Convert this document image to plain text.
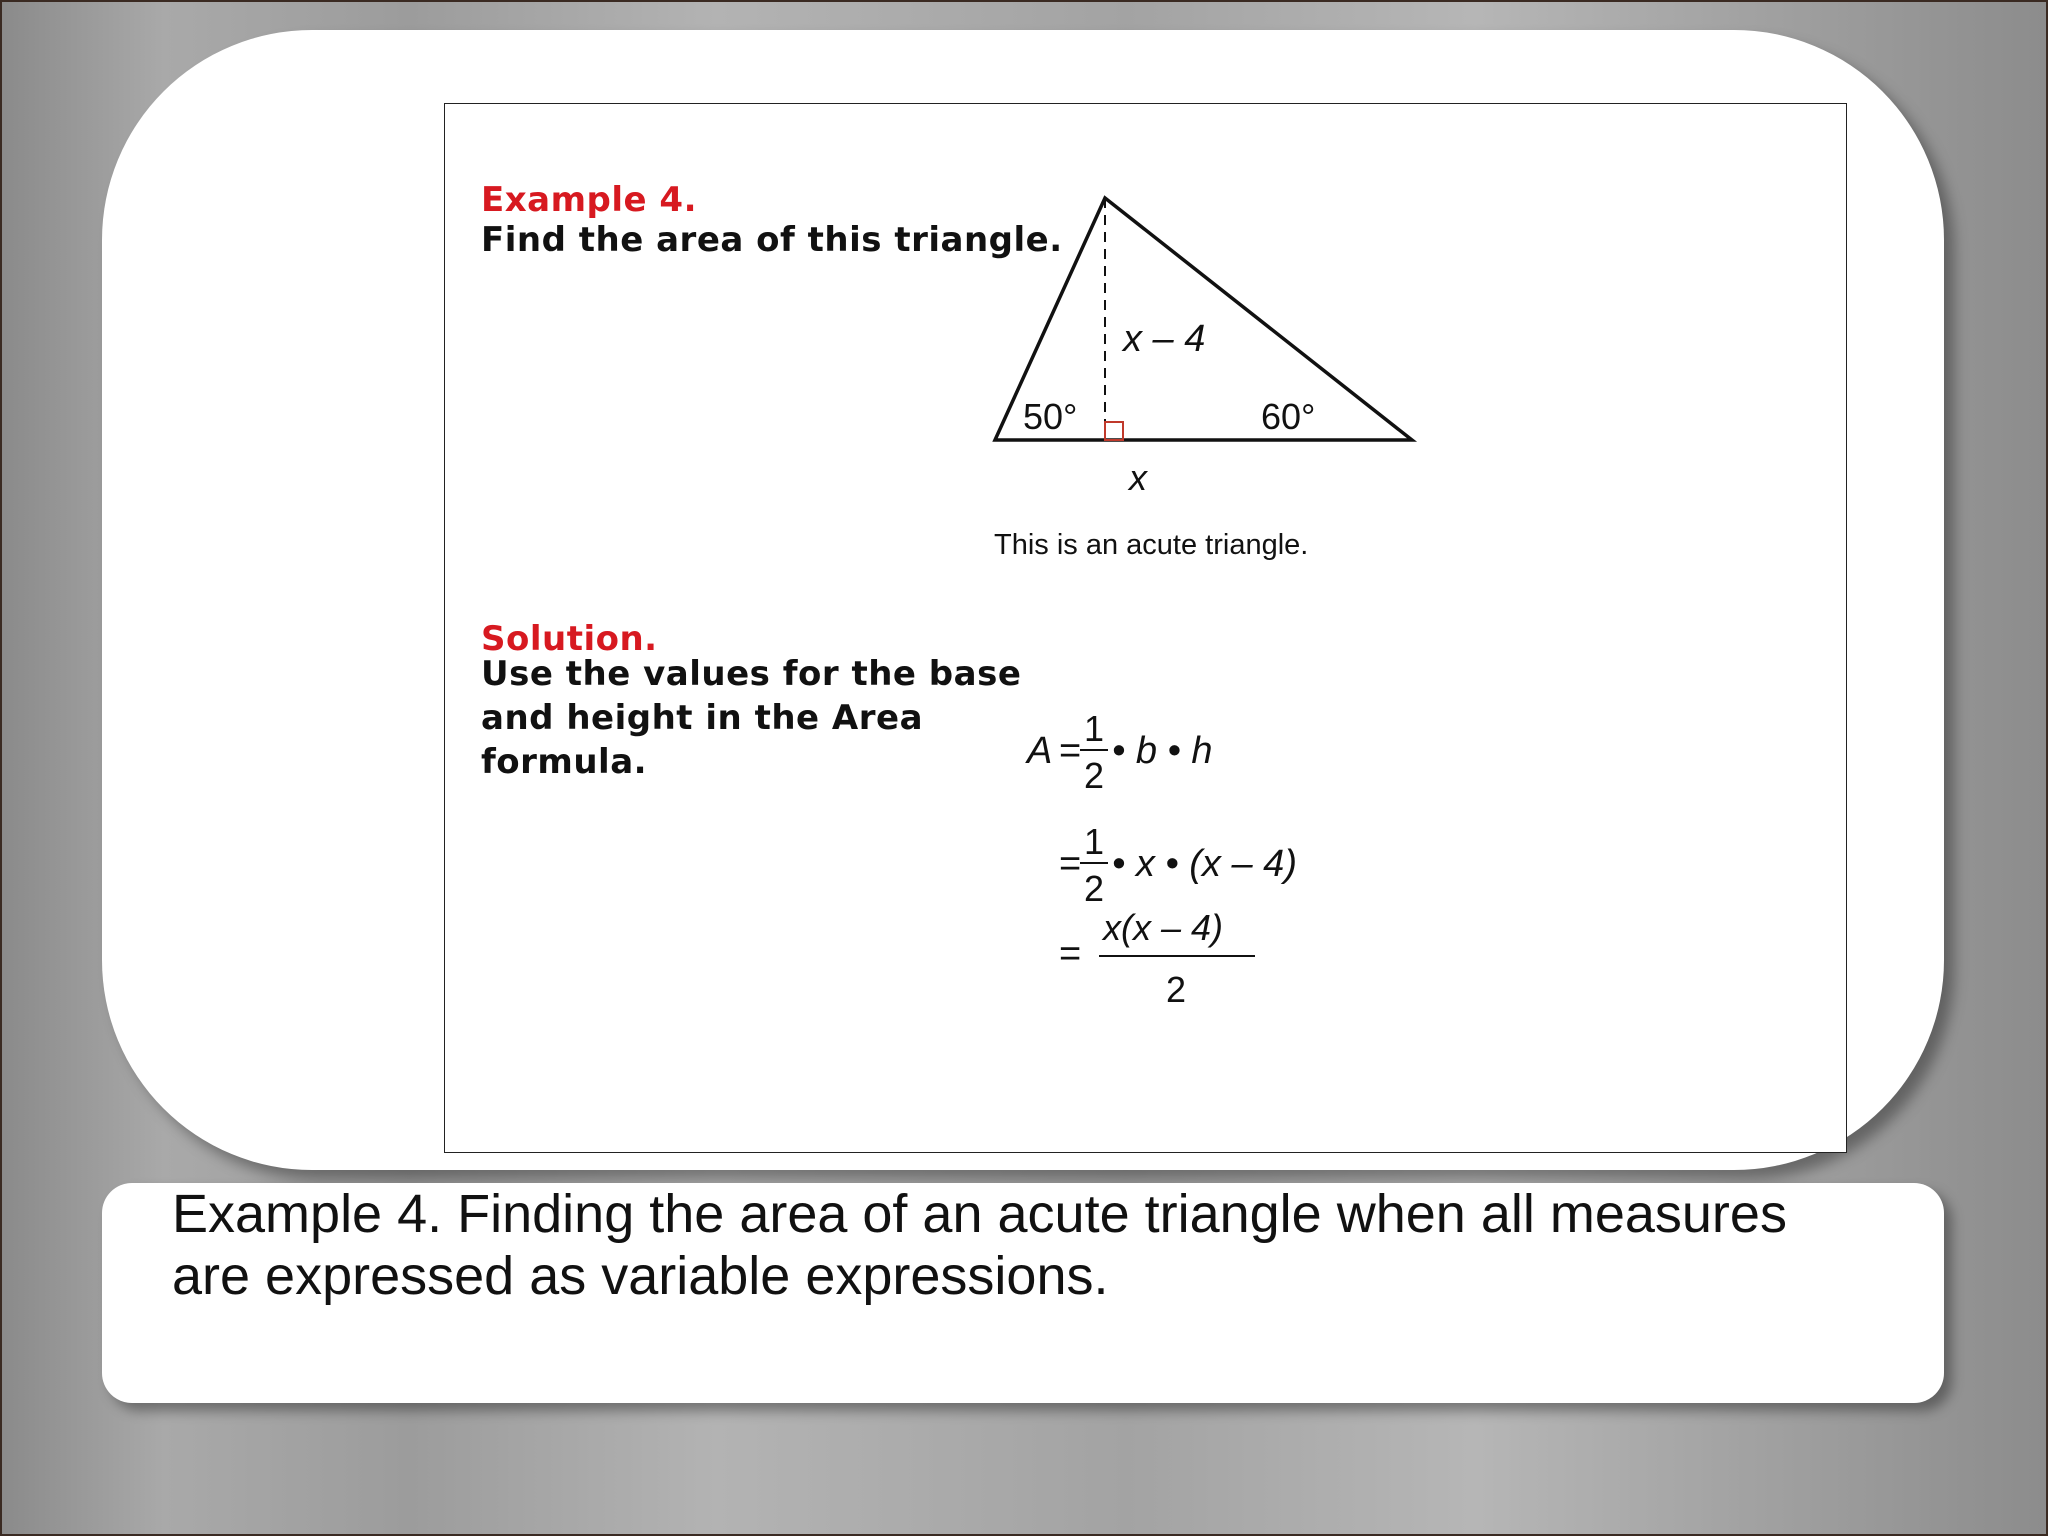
Example 4.
Find the area of this triangle.
Solution.
Use the values for the base and height in the Area formula.
x – 4
50°	60°
x
This is an acute triangle.
A =
1
2
• b • h
=
1
2
• x • (x – 4)
=
x(x – 4)
2
Example 4. Finding the area of an acute triangle when all measures are expressed as variable expressions.
